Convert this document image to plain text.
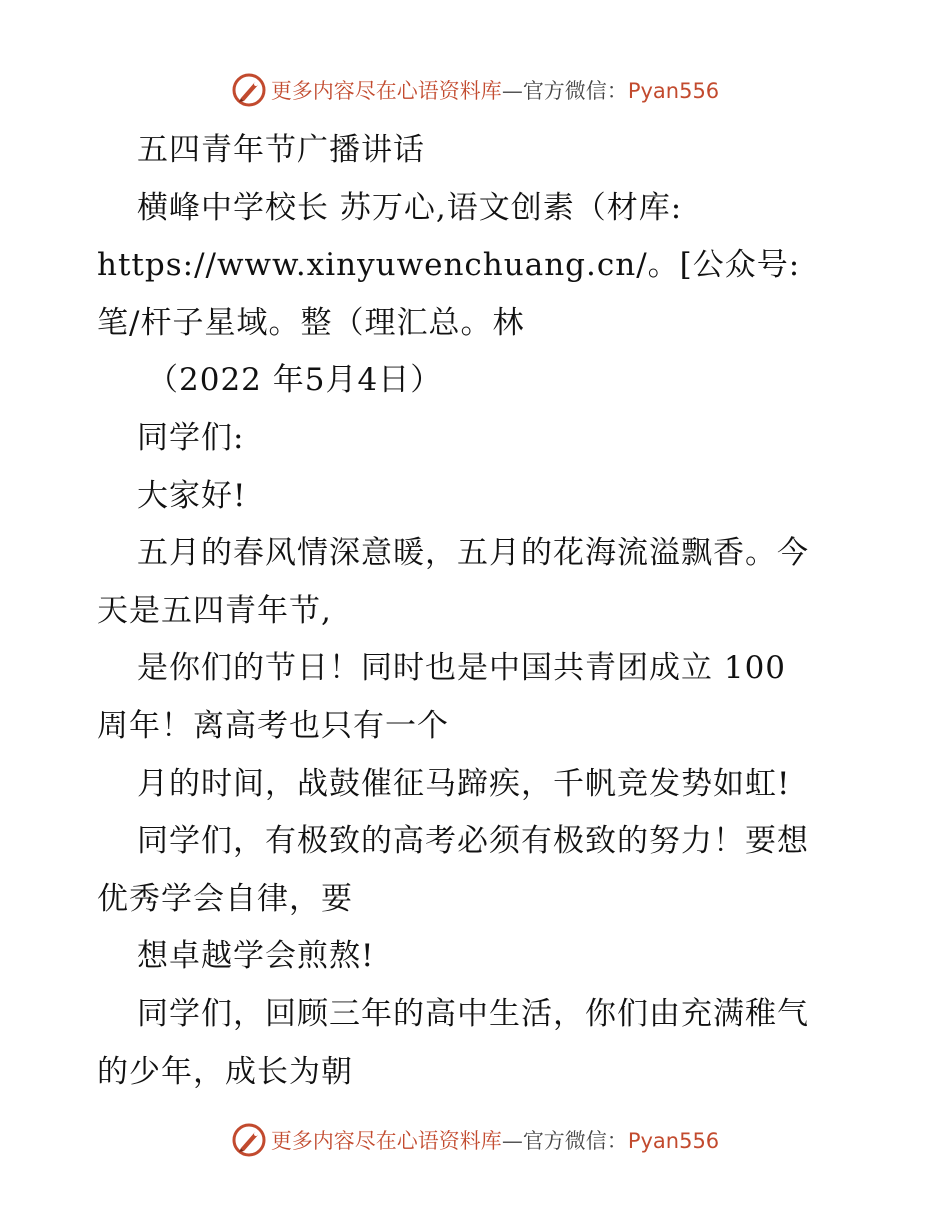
更多内容尽在心语资料库—官方微信：Pyan556
五四青年节广播讲话
横峰中学校长 苏万心,语文创素（材库:
https://www.xinyuwenchuang.cn/。[公众号:
笔/杆子星域。整（理汇总。林
（2022 年5月4日）
同学们:
大家好!
五月的春风情深意暖，五月的花海流溢飘香。今
天是五四青年节,
是你们的节日！同时也是中国共青团成立 100
周年！离高考也只有一个
月的时间，战鼓催征马蹄疾，千帆竞发势如虹!
同学们，有极致的高考必须有极致的努力！要想
优秀学会自律，要
想卓越学会煎熬!
同学们，回顾三年的高中生活，你们由充满稚气
的少年，成长为朝
更多内容尽在心语资料库—官方微信：Pyan556
